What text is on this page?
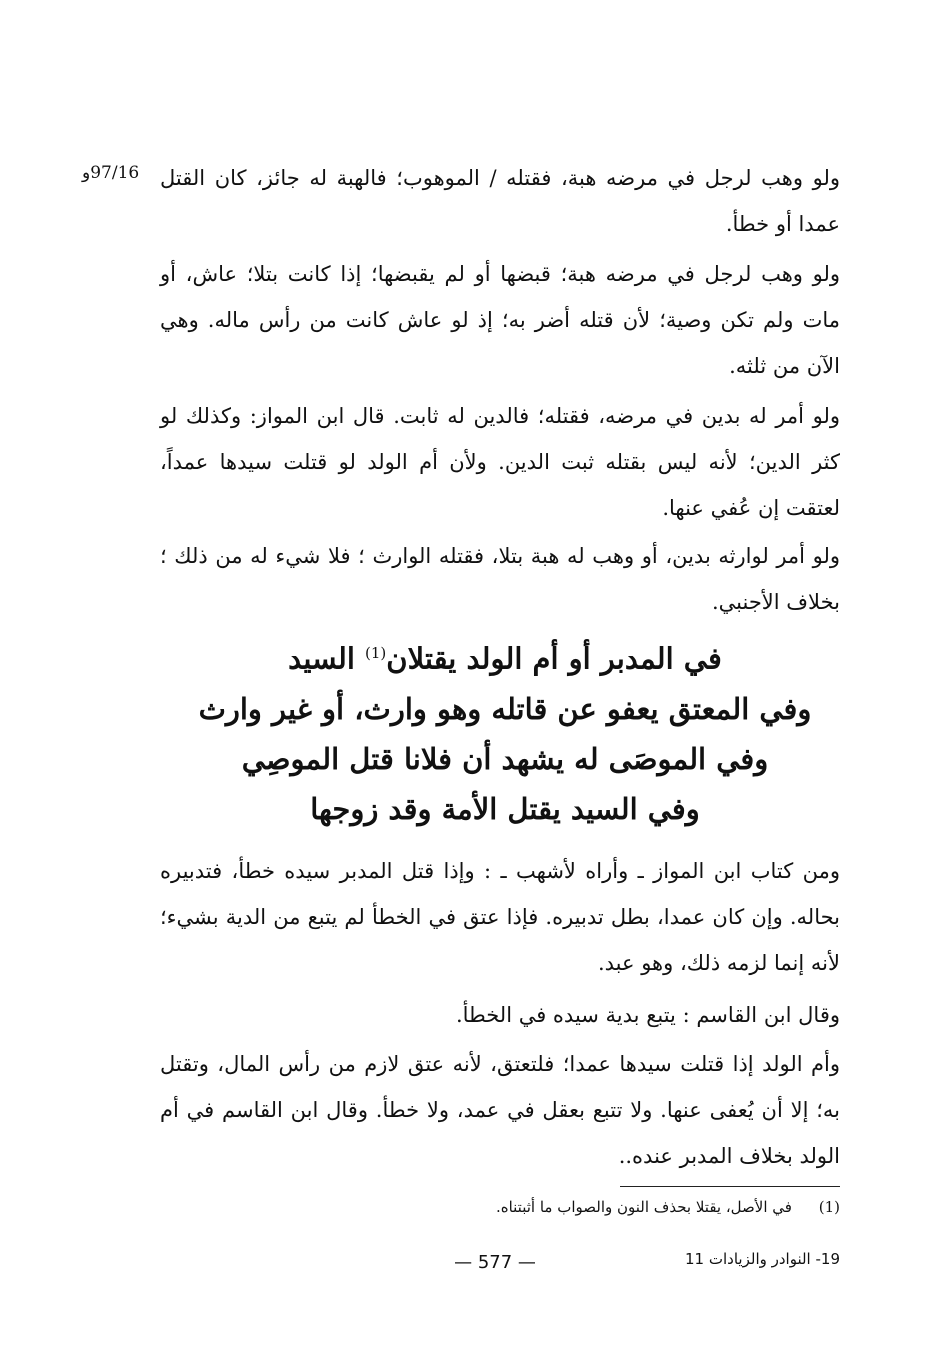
97/16و ولو وهب لرجل في مرضه هبة، فقتله / الموهوب؛ فالهبة له جائز، كان القتل عمدا أو خطأ.

ولو وهب لرجل في مرضه هبة؛ قبضها أو لم يقبضها؛ إذا كانت بتلا؛ عاش، أو مات ولم تكن وصية؛ لأن قتله أضر به؛ إذ لو عاش كانت من رأس ماله. وهي الآن من ثلثه.

ولو أمر له بدين في مرضه، فقتله؛ فالدين له ثابت. قال ابن المواز: وكذلك لو كثر الدين؛ لأنه ليس بقتله ثبت الدين. ولأن أم الولد لو قتلت سيدها عمداً، لعتقت إن عُفي عنها.

ولو أمر لوارثه بدين، أو وهب له هبة بتلا، فقتله الوارث ؛ فلا شيء له من ذلك ؛ بخلاف الأجنبي.

في المدبر أو أم الولد يقتلان$^{(1)}$ السيد
وفي المعتق يعفو عن قاتله وهو وارث، أو غير وارث
وفي الموصَى له يشهد أن فلانا قتل الموصِي
وفي السيد يقتل الأمة وقد زوجها

ومن كتاب ابن المواز ـ وأراه لأشهب ـ : وإذا قتل المدبر سيده خطأ، فتدبيره بحاله. وإن كان عمدا، بطل تدبيره. فإذا عتق في الخطأ لم يتبع من الدية بشيء؛ لأنه إنما لزمه ذلك، وهو عبد.

وقال ابن القاسم : يتبع بدية سيده في الخطأ.

وأم الولد إذا قتلت سيدها عمدا؛ فلتعتق، لأنه عتق لازم من رأس المال، وتقتل به؛ إلا أن يُعفى عنها. ولا تتبع بعقل في عمد، ولا خطأ. وقال ابن القاسم في أم الولد بخلاف المدبر عنده..

(1) في الأصل، يقتلا بحذف النون والصواب ما أثبتناه.
— 577 —	19- النوادر والزيادات 11
